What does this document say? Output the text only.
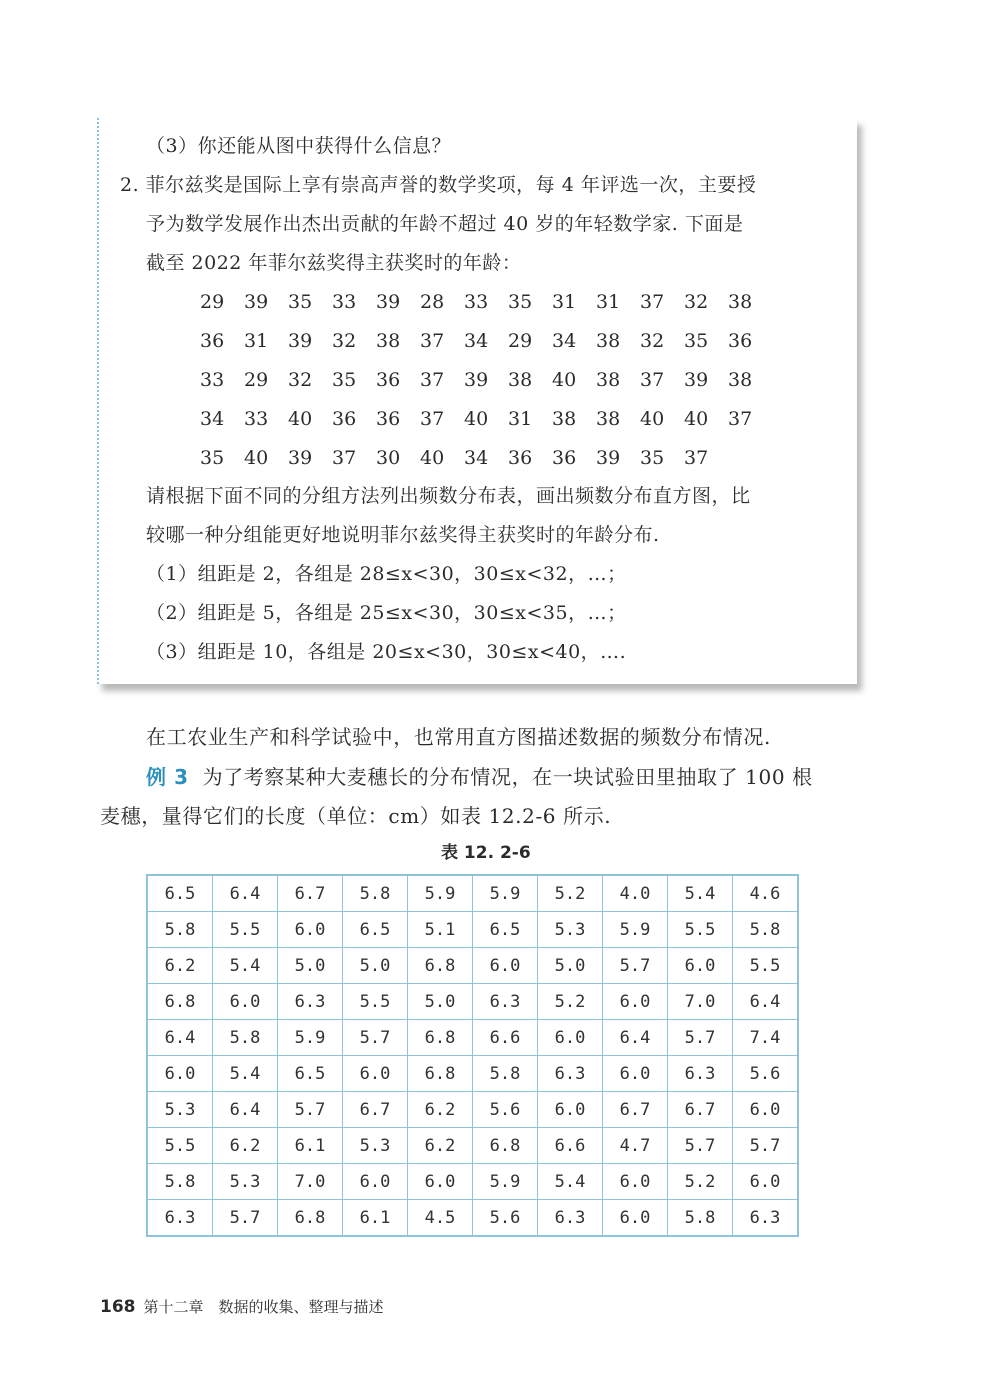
（3）你还能从图中获得什么信息？
2. 菲尔兹奖是国际上享有崇高声誉的数学奖项，每 4 年评选一次，主要授
予为数学发展作出杰出贡献的年龄不超过 40 岁的年轻数学家. 下面是
截至 2022 年菲尔兹奖得主获奖时的年龄：
29	39	35	33	39	28	33	35	31	31	37	32	38
36	31	39	32	38	37	34	29	34	38	32	35	36
33	29	32	35	36	37	39	38	40	38	37	39	38
34	33	40	36	36	37	40	31	38	38	40	40	37
35	40	39	37	30	40	34	36	36	39	35	37
请根据下面不同的分组方法列出频数分布表，画出频数分布直方图，比
较哪一种分组能更好地说明菲尔兹奖得主获奖时的年龄分布.
（1）组距是 2，各组是 28≤x<30，30≤x<32，…；
（2）组距是 5，各组是 25≤x<30，30≤x<35，…；
（3）组距是 10，各组是 20≤x<30，30≤x<40，….
在工农业生产和科学试验中，也常用直方图描述数据的频数分布情况.
例 3 为了考察某种大麦穗长的分布情况，在一块试验田里抽取了 100 根
麦穗，量得它们的长度（单位：cm）如表 12.2-6 所示.
表 12. 2-6
6.5	6.4	6.7	5.8	5.9	5.9	5.2	4.0	5.4	4.6
5.8	5.5	6.0	6.5	5.1	6.5	5.3	5.9	5.5	5.8
6.2	5.4	5.0	5.0	6.8	6.0	5.0	5.7	6.0	5.5
6.8	6.0	6.3	5.5	5.0	6.3	5.2	6.0	7.0	6.4
6.4	5.8	5.9	5.7	6.8	6.6	6.0	6.4	5.7	7.4
6.0	5.4	6.5	6.0	6.8	5.8	6.3	6.0	6.3	5.6
5.3	6.4	5.7	6.7	6.2	5.6	6.0	6.7	6.7	6.0
5.5	6.2	6.1	5.3	6.2	6.8	6.6	4.7	5.7	5.7
5.8	5.3	7.0	6.0	6.0	5.9	5.4	6.0	5.2	6.0
6.3	5.7	6.8	6.1	4.5	5.6	6.3	6.0	5.8	6.3
168 第十二章　数据的收集、整理与描述
